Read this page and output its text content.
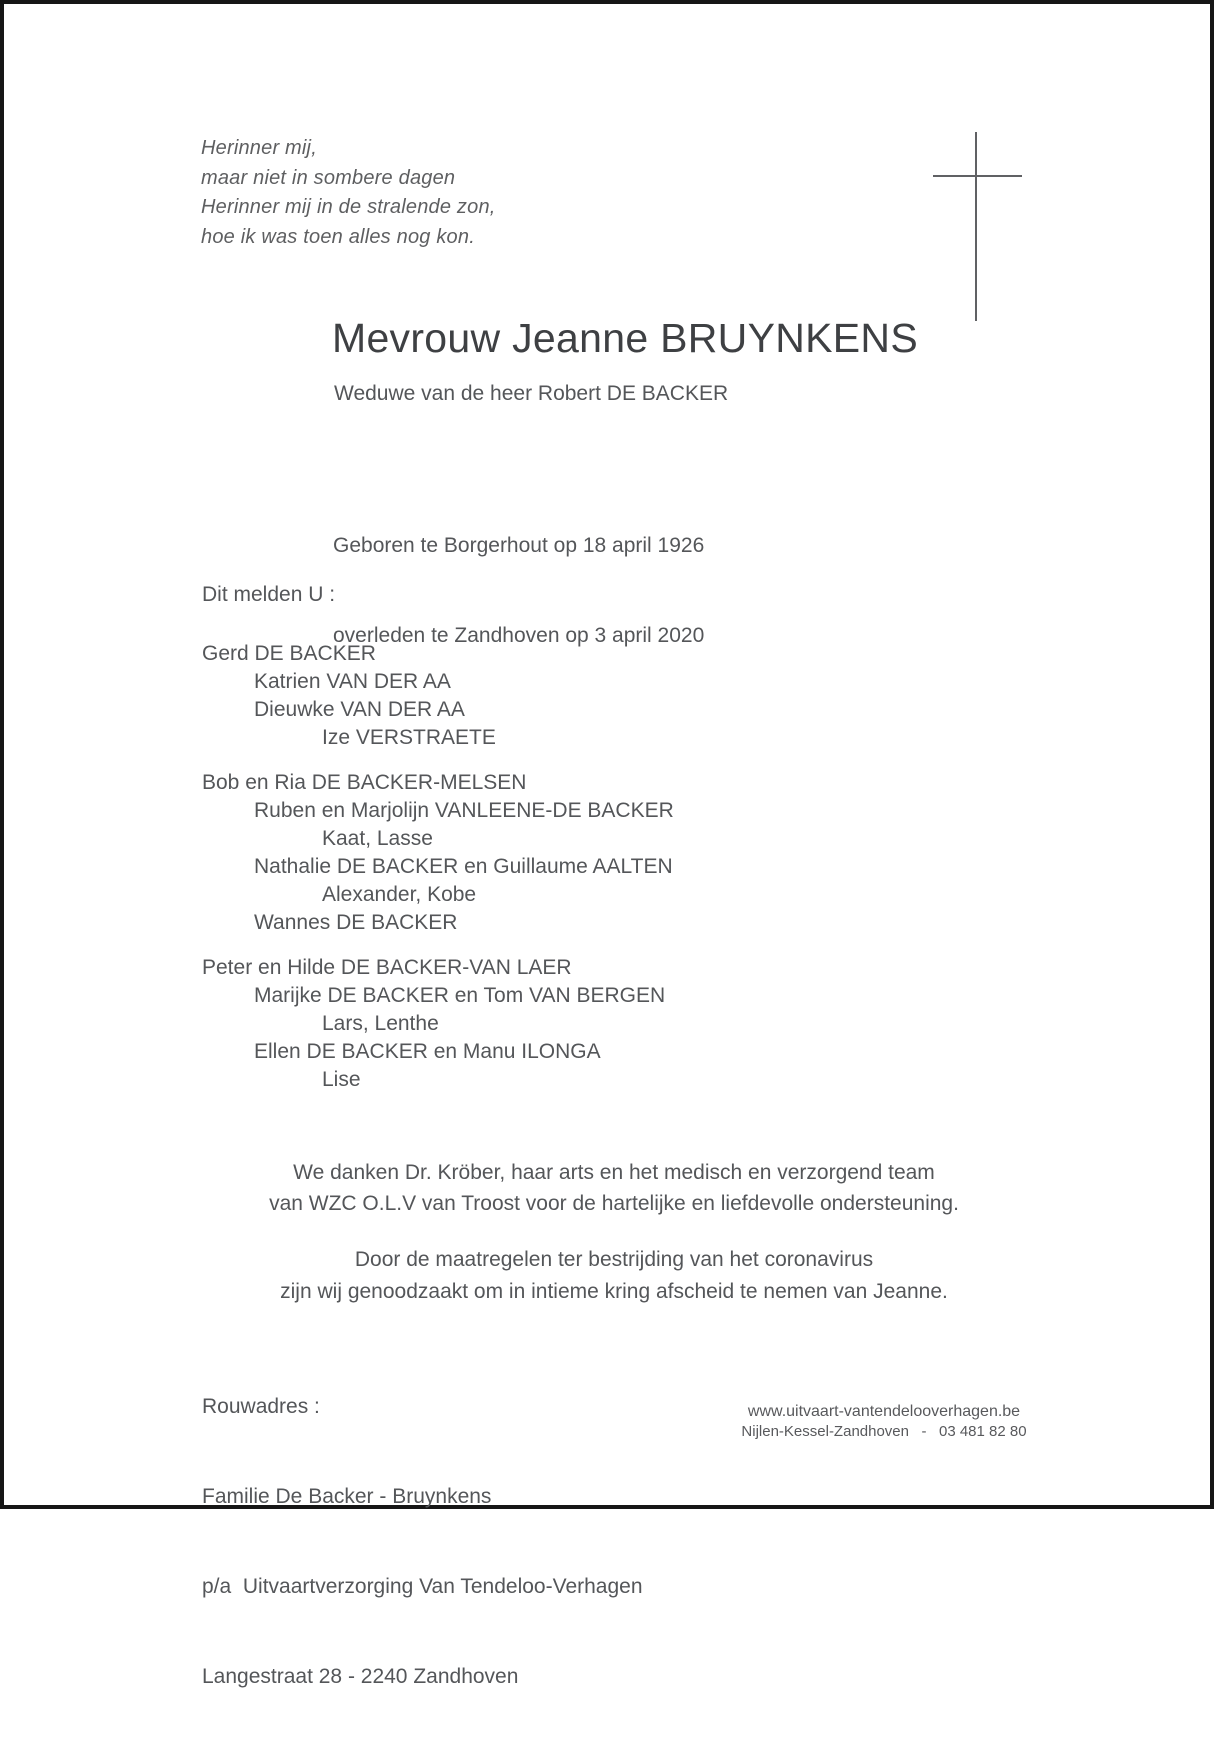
Herinner mij,
maar niet in sombere dagen
Herinner mij in de stralende zon,
hoe ik was toen alles nog kon.
Mevrouw Jeanne BRUYNKENS
Weduwe van de heer Robert DE BACKER

Geboren te Borgerhout op 18 april 1926

overleden te Zandhoven op 3 april 2020

Dit melden U :
Gerd DE BACKER
Katrien VAN DER AA
Dieuwke VAN DER AA
Ize VERSTRAETE
Bob en Ria DE BACKER-MELSEN
Ruben en Marjolijn VANLEENE-DE BACKER
Kaat, Lasse
Nathalie DE BACKER en Guillaume AALTEN
Alexander, Kobe
Wannes DE BACKER
Peter en Hilde DE BACKER-VAN LAER
Marijke DE BACKER en Tom VAN BERGEN
Lars, Lenthe
Ellen DE BACKER en Manu ILONGA
Lise
We danken Dr. Kröber, haar arts en het medisch en verzorgend team
van WZC O.L.V van Troost voor de hartelijke en liefdevolle ondersteuning.
Door de maatregelen ter bestrijding van het coronavirus
zijn wij genoodzaakt om in intieme kring afscheid te nemen van Jeanne.

Rouwadres :

Familie De Backer - Bruynkens

p/a  Uitvaartverzorging Van Tendeloo-Verhagen

Langestraat 28 - 2240 Zandhoven

www.uitvaart-vantendelooverhagen.be
Nijlen-Kessel-Zandhoven   -   03 481 82 80
